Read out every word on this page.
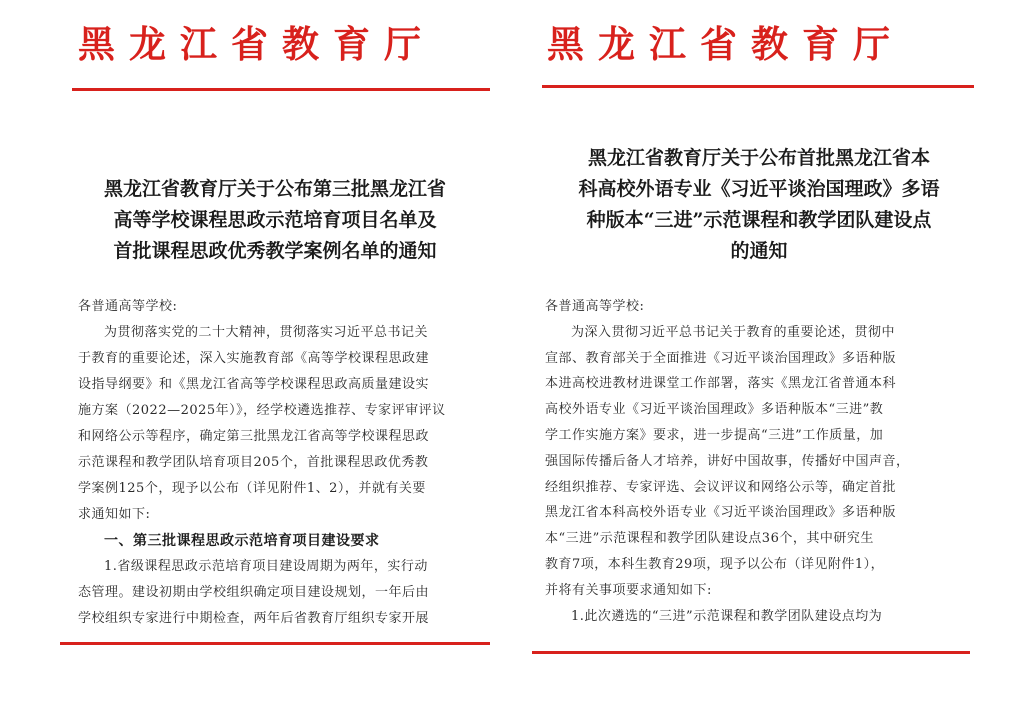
黑龙江省教育厅
黑龙江省教育厅关于公布第三批黑龙江省
高等学校课程思政示范培育项目名单及
首批课程思政优秀教学案例名单的通知
各普通高等学校:
为贯彻落实党的二十大精神，贯彻落实习近平总书记关
于教育的重要论述，深入实施教育部《高等学校课程思政建
设指导纲要》和《黑龙江省高等学校课程思政高质量建设实
施方案（2022—2025年）》，经学校遴选推荐、专家评审评议
和网络公示等程序，确定第三批黑龙江省高等学校课程思政
示范课程和教学团队培育项目205个，首批课程思政优秀教
学案例125个，现予以公布（详见附件1、2），并就有关要
求通知如下:
一、第三批课程思政示范培育项目建设要求
1.省级课程思政示范培育项目建设周期为两年，实行动
态管理。建设初期由学校组织确定项目建设规划，一年后由
学校组织专家进行中期检查，两年后省教育厅组织专家开展
黑龙江省教育厅
黑龙江省教育厅关于公布首批黑龙江省本
科高校外语专业《习近平谈治国理政》多语
种版本“三进”示范课程和教学团队建设点
的通知
各普通高等学校:
为深入贯彻习近平总书记关于教育的重要论述，贯彻中
宣部、教育部关于全面推进《习近平谈治国理政》多语种版
本进高校进教材进课堂工作部署，落实《黑龙江省普通本科
高校外语专业《习近平谈治国理政》多语种版本“三进”教
学工作实施方案》要求，进一步提高“三进”工作质量，加
强国际传播后备人才培养，讲好中国故事，传播好中国声音，
经组织推荐、专家评选、会议评议和网络公示等，确定首批
黑龙江省本科高校外语专业《习近平谈治国理政》多语种版
本“三进”示范课程和教学团队建设点36个，其中研究生
教育7项，本科生教育29项，现予以公布（详见附件1），
并将有关事项要求通知如下:
1.此次遴选的“三进”示范课程和教学团队建设点均为
